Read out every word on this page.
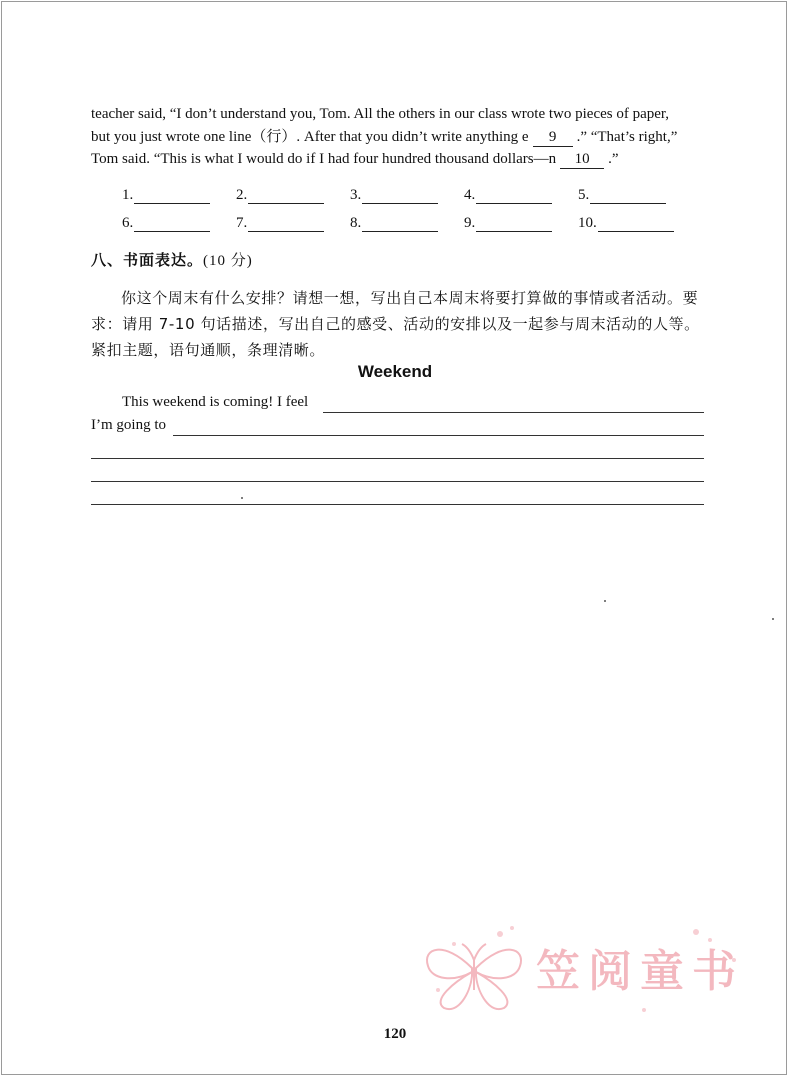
teacher said, “I don’t understand you, Tom. All the others in our class wrote two pieces of paper,
but you just wrote one line（行）. After that you didn’t write anything e 9 .” “That’s right,”
Tom said. “This is what I would do if I had four hundred thousand dollars—n 10 .”
1.	2.	3.	4.	5.
6.	7.	8.	9.	10.
八、书面表达。(10 分)
你这个周末有什么安排？请想一想，写出自己本周末将要打算做的事情或者活动。要求：请用 7-10 句话描述，写出自己的感受、活动的安排以及一起参与周末活动的人等。紧扣主题，语句通顺，条理清晰。
Weekend
This weekend is coming! I feel
I’m going to
笠阅童书
120
